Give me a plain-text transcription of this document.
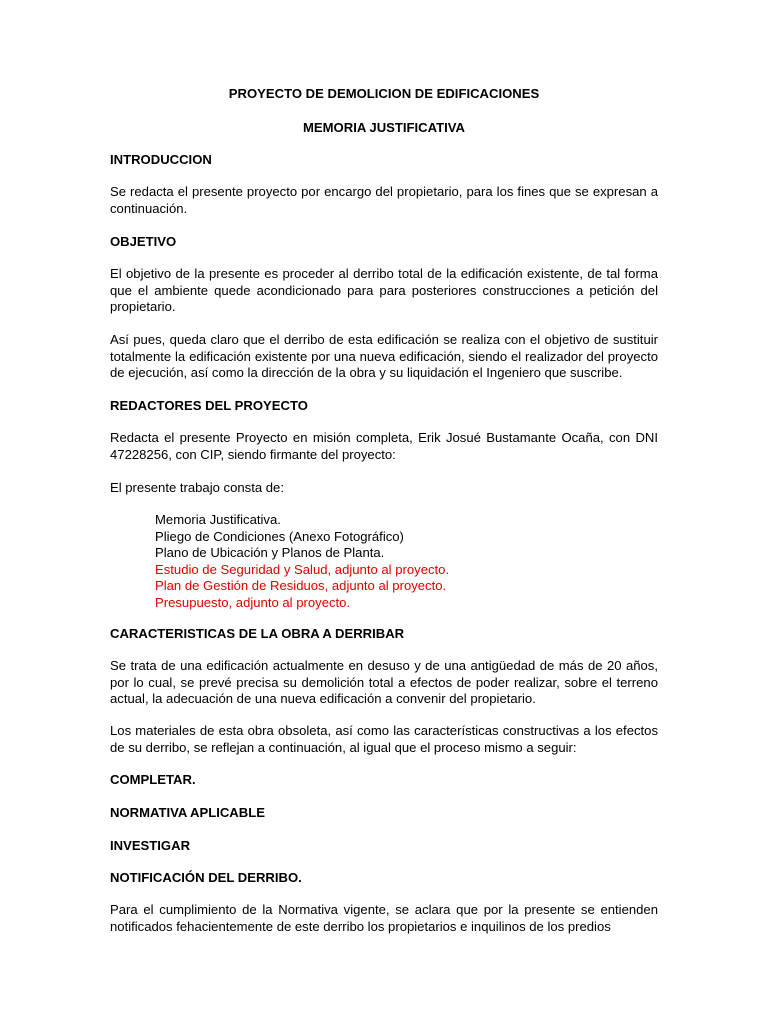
PROYECTO DE DEMOLICION DE EDIFICACIONES

MEMORIA JUSTIFICATIVA

INTRODUCCION

Se redacta el presente proyecto por encargo del propietario, para los fines que se expresan a continuación.

OBJETIVO

El objetivo de la presente es proceder al derribo total de la edificación existente, de tal forma que el ambiente quede acondicionado para para posteriores construcciones a petición del propietario.

Así pues, queda claro que el derribo de esta edificación se realiza con el objetivo de sustituir totalmente la edificación existente por una nueva edificación, siendo el realizador del proyecto de ejecución, así como la dirección de la obra y su liquidación el Ingeniero que suscribe.

REDACTORES DEL PROYECTO

Redacta el presente Proyecto en misión completa, Erik Josué Bustamante Ocaña, con DNI 47228256, con CIP, siendo firmante del proyecto:

El presente trabajo consta de:

Memoria Justificativa.
Pliego de Condiciones (Anexo Fotográfico)
Plano de Ubicación y Planos de Planta.
Estudio de Seguridad y Salud, adjunto al proyecto.
Plan de Gestión de Residuos, adjunto al proyecto.
Presupuesto, adjunto al proyecto.

CARACTERISTICAS DE LA OBRA A DERRIBAR

Se trata de una edificación actualmente en desuso y de una antigüedad de más de 20 años, por lo cual, se prevé precisa su demolición total a efectos de poder realizar, sobre el terreno actual, la adecuación de una nueva edificación a convenir del propietario.

Los materiales de esta obra obsoleta, así como las características constructivas a los efectos de su derribo, se reflejan a continuación, al igual que el proceso mismo a seguir:

COMPLETAR.

NORMATIVA APLICABLE

INVESTIGAR

NOTIFICACIÓN DEL DERRIBO.

Para el cumplimiento de la Normativa vigente, se aclara que por la presente se entienden notificados fehacientemente de este derribo los propietarios e inquilinos de los predios
